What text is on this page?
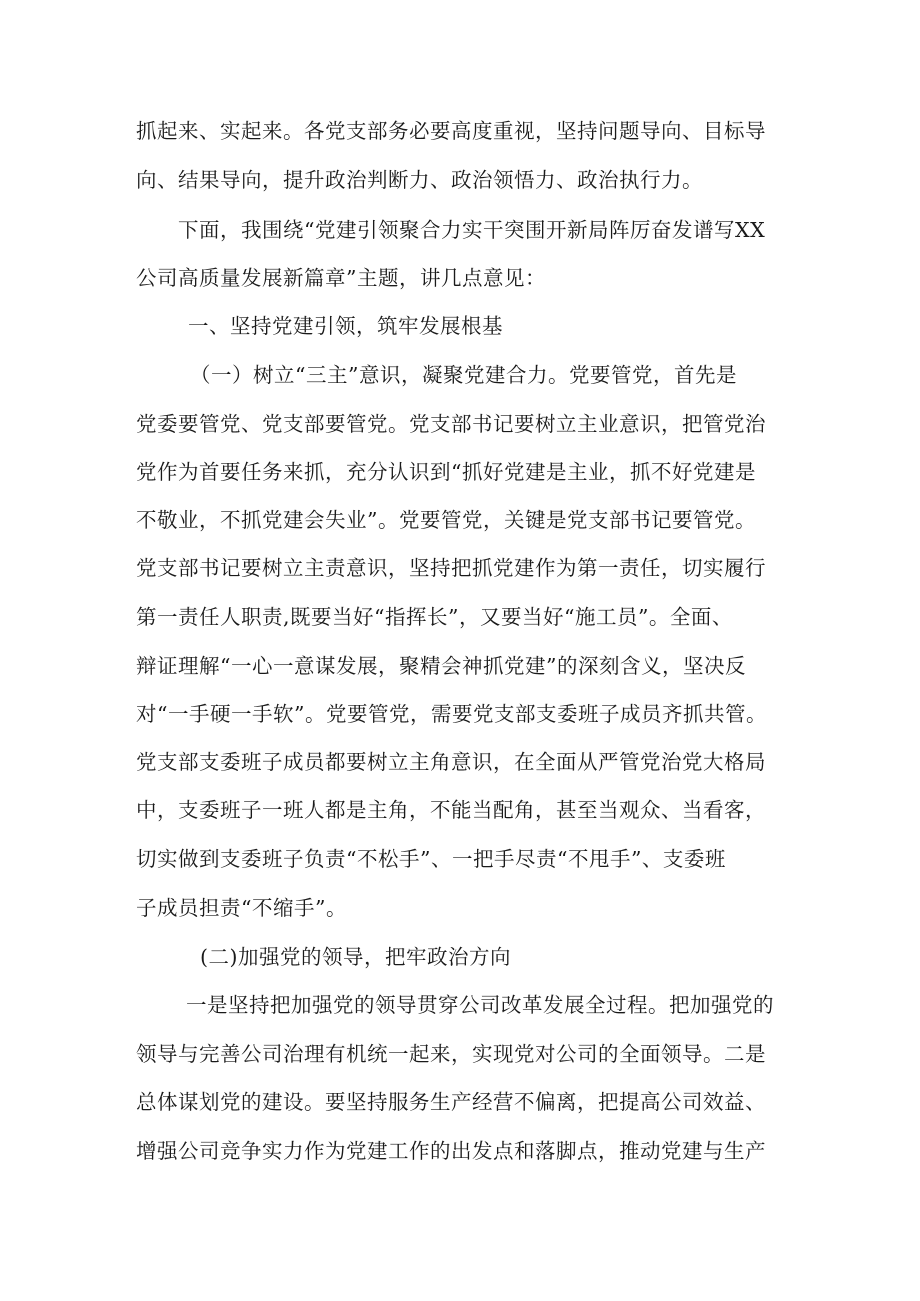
抓起来、实起来。各党支部务必要高度重视，坚持问题导向、目标导
向、结果导向，提升政治判断力、政治领悟力、政治执行力。
下面，我围绕“党建引领聚合力实干突围开新局阵厉奋发谱写XX
公司高质量发展新篇章”主题，讲几点意见：
一、坚持党建引领，筑牢发展根基
（一）树立“三主”意识，凝聚党建合力。党要管党，首先是
党委要管党、党支部要管党。党支部书记要树立主业意识，把管党治
党作为首要任务来抓，充分认识到“抓好党建是主业，抓不好党建是
不敬业，不抓党建会失业”。党要管党，关键是党支部书记要管党。
党支部书记要树立主责意识，坚持把抓党建作为第一责任，切实履行
第一责任人职责,既要当好“指挥长”，又要当好“施工员”。全面、
辩证理解“一心一意谋发展，聚精会神抓党建”的深刻含义，坚决反
对“一手硬一手软”。党要管党，需要党支部支委班子成员齐抓共管。
党支部支委班子成员都要树立主角意识，在全面从严管党治党大格局
中，支委班子一班人都是主角，不能当配角，甚至当观众、当看客，
切实做到支委班子负责“不松手”、一把手尽责“不甩手”、支委班
子成员担责“不缩手”。
(二)加强党的领导，把牢政治方向
一是坚持把加强党的领导贯穿公司改革发展全过程。把加强党的
领导与完善公司治理有机统一起来，实现党对公司的全面领导。二是
总体谋划党的建设。要坚持服务生产经营不偏离，把提高公司效益、
增强公司竞争实力作为党建工作的出发点和落脚点，推动党建与生产
